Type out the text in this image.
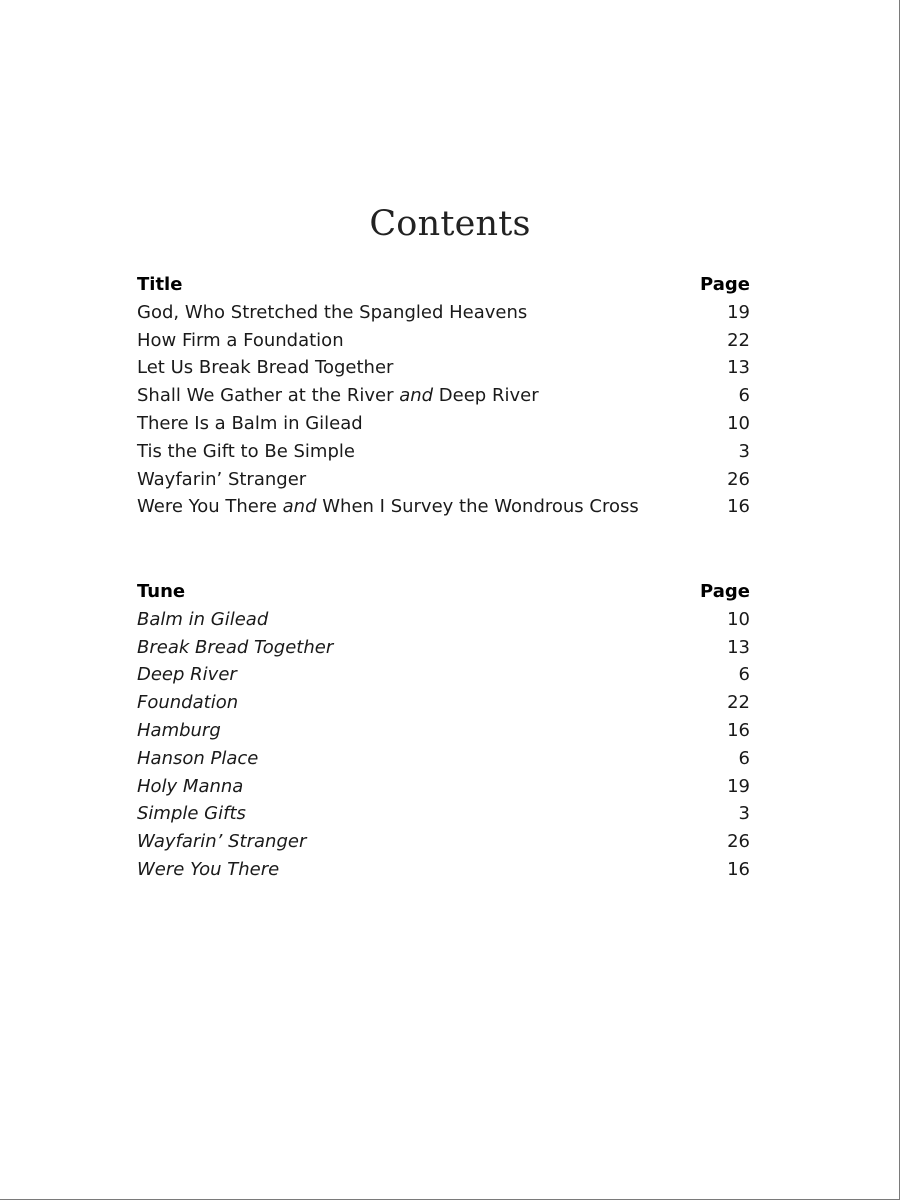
Contents
Title	Page
God, Who Stretched the Spangled Heavens	19
How Firm a Foundation	22
Let Us Break Bread Together	13
Shall We Gather at the River and Deep River	6
There Is a Balm in Gilead	10
Tis the Gift to Be Simple	3
Wayfarin’ Stranger	26
Were You There and When I Survey the Wondrous Cross	16
Tune	Page
Balm in Gilead	10
Break Bread Together	13
Deep River	6
Foundation	22
Hamburg	16
Hanson Place	6
Holy Manna	19
Simple Gifts	3
Wayfarin’ Stranger	26
Were You There	16
